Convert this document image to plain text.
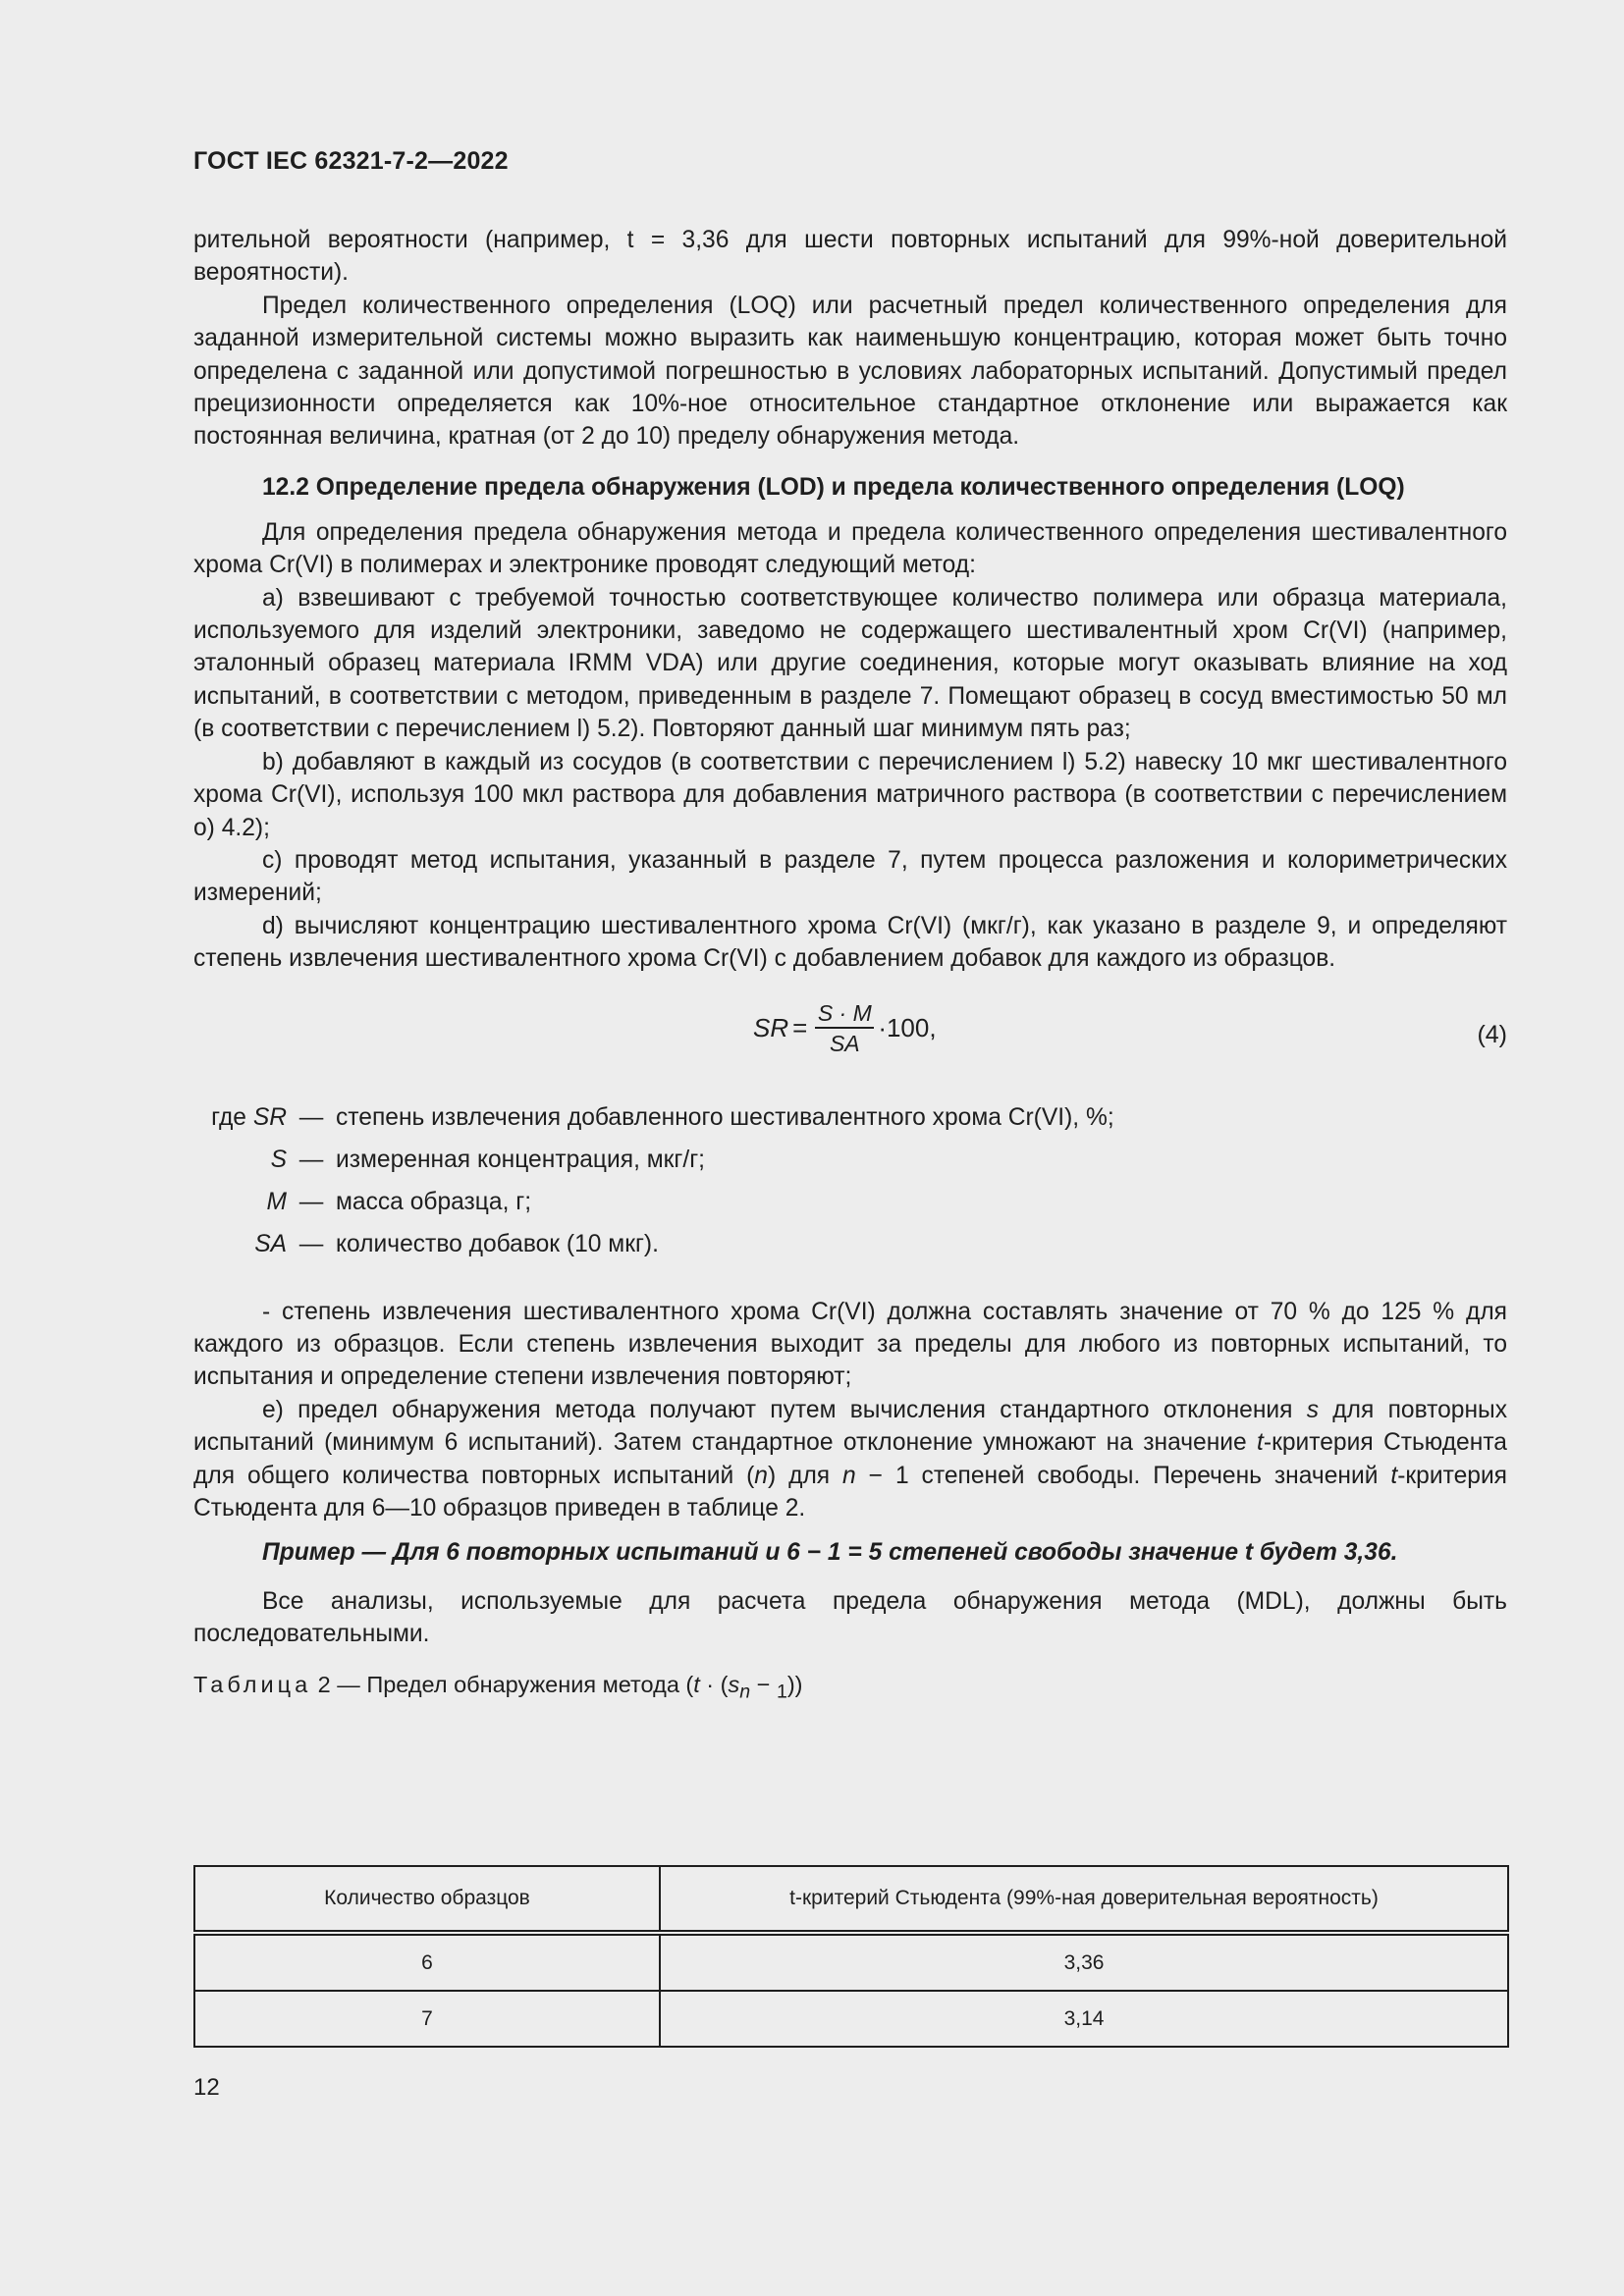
ГОСТ IEC 62321-7-2—2022

рительной вероятности (например, t = 3,36 для шести повторных испытаний для 99%-ной доверительной вероятности).

Предел количественного определения (LOQ) или расчетный предел количественного определения для заданной измерительной системы можно выразить как наименьшую концентрацию, которая может быть точно определена с заданной или допустимой погрешностью в условиях лабораторных испытаний. Допустимый предел прецизионности определяется как 10%-ное относительное стандартное отклонение или выражается как постоянная величина, кратная (от 2 до 10) пределу обнаружения метода.

12.2 Определение предела обнаружения (LOD) и предела количественного определения (LOQ)

Для определения предела обнаружения метода и предела количественного определения шестивалентного хрома Cr(VI) в полимерах и электронике проводят следующий метод:

a) взвешивают с требуемой точностью соответствующее количество полимера или образца материала, используемого для изделий электроники, заведомо не содержащего шестивалентный хром Cr(VI) (например, эталонный образец материала IRMM VDA) или другие соединения, которые могут оказывать влияние на ход испытаний, в соответствии с методом, приведенным в разделе 7. Помещают образец в сосуд вместимостью 50 мл (в соответствии с перечислением l) 5.2). Повторяют данный шаг минимум пять раз;

b) добавляют в каждый из сосудов (в соответствии с перечислением l) 5.2) навеску 10 мкг шестивалентного хрома Cr(VI), используя 100 мкл раствора для добавления матричного раствора (в соответствии с перечислением o) 4.2);

c) проводят метод испытания, указанный в разделе 7, путем процесса разложения и колориметрических измерений;

d) вычисляют концентрацию шестивалентного хрома Cr(VI) (мкг/г), как указано в разделе 9, и определяют степень извлечения шестивалентного хрома Cr(VI) с добавлением добавок для каждого из образцов.

SR = $\frac{S \cdot M}{SA} \cdot 100$,	(4)
где SR — степень извлечения добавленного шестивалентного хрома Cr(VI), %;
S — измеренная концентрация, мкг/г;
M — масса образца, г;
SA — количество добавок (10 мкг).

- степень извлечения шестивалентного хрома Cr(VI) должна составлять значение от 70 % до 125 % для каждого из образцов. Если степень извлечения выходит за пределы для любого из повторных испытаний, то испытания и определение степени извлечения повторяют;

e) предел обнаружения метода получают путем вычисления стандартного отклонения s для повторных испытаний (минимум 6 испытаний). Затем стандартное отклонение умножают на значение t-критерия Стьюдента для общего количества повторных испытаний (n) для n − 1 степеней свободы. Перечень значений t-критерия Стьюдента для 6—10 образцов приведен в таблице 2.

Пример — Для 6 повторных испытаний и 6 − 1 = 5 степеней свободы значение t будет 3,36.

Все анализы, используемые для расчета предела обнаружения метода (MDL), должны быть последовательными.

Таблица 2 — Предел обнаружения метода $(t \cdot (s_n - _1))$

Количество образцов	t-критерий Стьюдента (99%-ная доверительная вероятность)
6	3,36
7	3,14
12
